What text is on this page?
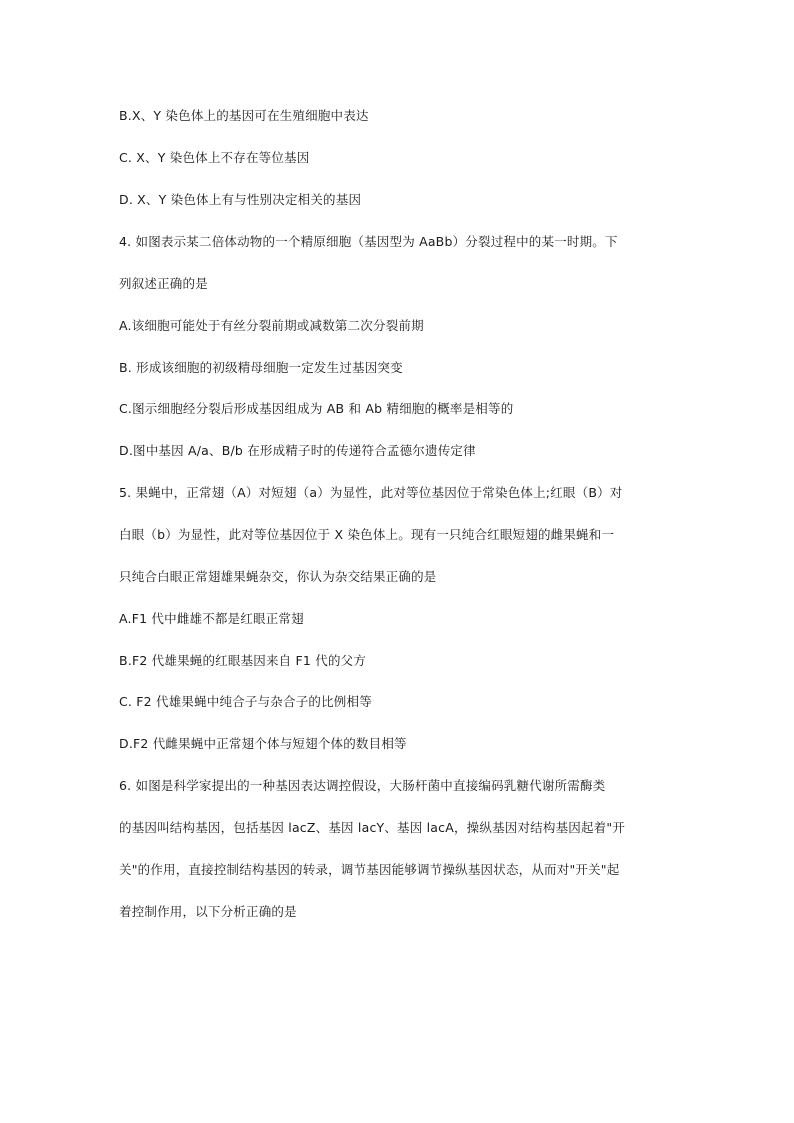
B.X、Y 染色体上的基因可在生殖细胞中表达
C. X、Y 染色体上不存在等位基因
D. X、Y 染色体上有与性别决定相关的基因
4. 如图表示某二倍体动物的一个精原细胞（基因型为 AaBb）分裂过程中的某一时期。下
列叙述正确的是
A.该细胞可能处于有丝分裂前期或减数第二次分裂前期
B. 形成该细胞的初级精母细胞一定发生过基因突变
C.图示细胞经分裂后形成基因组成为 AB 和 Ab 精细胞的概率是相等的
D.图中基因 A/a、B/b 在形成精子时的传递符合孟德尔遗传定律
5. 果蝇中，正常翅（A）对短翅（a）为显性，此对等位基因位于常染色体上;红眼（B）对
白眼（b）为显性，此对等位基因位于 X 染色体上。现有一只纯合红眼短翅的雌果蝇和一
只纯合白眼正常翅雄果蝇杂交，你认为杂交结果正确的是
A.F1 代中雌雄不都是红眼正常翅
B.F2 代雄果蝇的红眼基因来自 F1 代的父方
C. F2 代雄果蝇中纯合子与杂合子的比例相等
D.F2 代雌果蝇中正常翅个体与短翅个体的数目相等
6. 如图是科学家提出的一种基因表达调控假设，大肠杆菌中直接编码乳糖代谢所需酶类
的基因叫结构基因，包括基因 lacZ、基因 lacY、基因 lacA，操纵基因对结构基因起着"开
关"的作用，直接控制结构基因的转录，调节基因能够调节操纵基因状态，从而对"开关"起
着控制作用，以下分析正确的是
